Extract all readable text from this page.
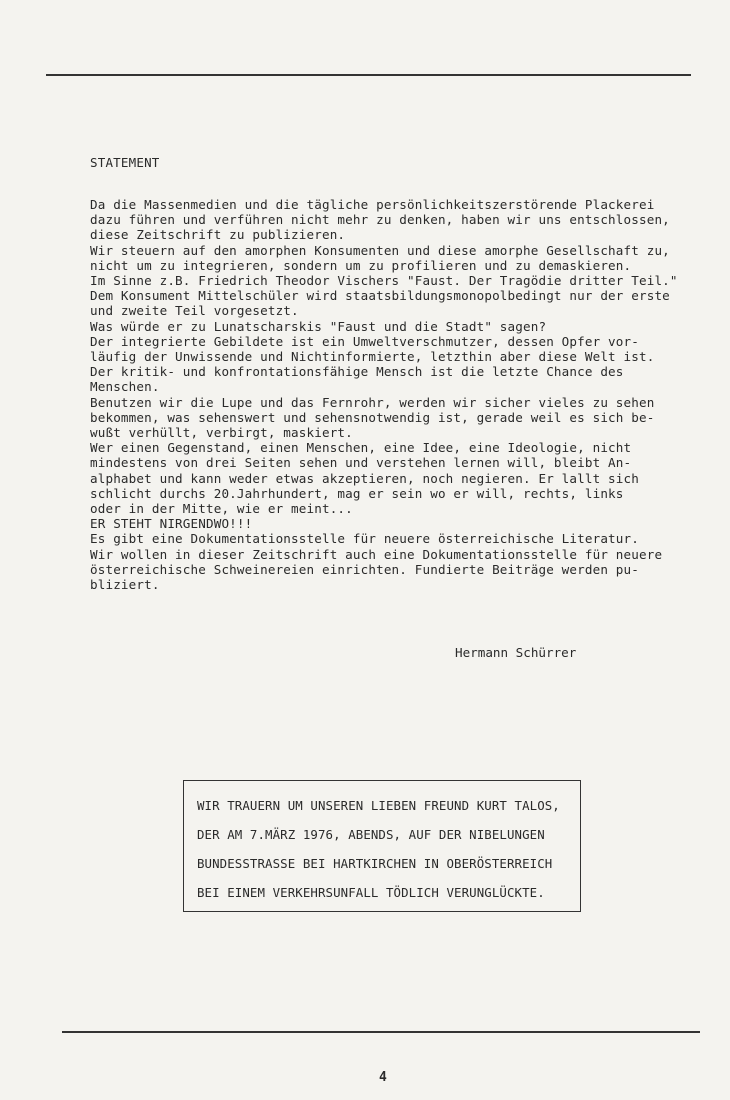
STATEMENT
Da die Massenmedien und die tägliche persönlichkeitszerstörende Plackerei
dazu führen und verführen nicht mehr zu denken, haben wir uns entschlossen,
diese Zeitschrift zu publizieren.
Wir steuern auf den amorphen Konsumenten und diese amorphe Gesellschaft zu,
nicht um zu integrieren, sondern um zu profilieren und zu demaskieren.
Im Sinne z.B. Friedrich Theodor Vischers "Faust. Der Tragödie dritter Teil."
Dem Konsument Mittelschüler wird staatsbildungsmonopolbedingt nur der erste
und zweite Teil vorgesetzt.
Was würde er zu Lunatscharskis "Faust und die Stadt" sagen?
Der integrierte Gebildete ist ein Umweltverschmutzer, dessen Opfer vor-
läufig der Unwissende und Nichtinformierte, letzthin aber diese Welt ist.
Der kritik- und konfrontationsfähige Mensch ist die letzte Chance des
Menschen.
Benutzen wir die Lupe und das Fernrohr, werden wir sicher vieles zu sehen
bekommen, was sehenswert und sehensnotwendig ist, gerade weil es sich be-
wußt verhüllt, verbirgt, maskiert.
Wer einen Gegenstand, einen Menschen, eine Idee, eine Ideologie, nicht
mindestens von drei Seiten sehen und verstehen lernen will, bleibt An-
alphabet und kann weder etwas akzeptieren, noch negieren. Er lallt sich
schlicht durchs 20.Jahrhundert, mag er sein wo er will, rechts, links
oder in der Mitte, wie er meint...
ER STEHT NIRGENDWO!!!
Es gibt eine Dokumentationsstelle für neuere österreichische Literatur.
Wir wollen in dieser Zeitschrift auch eine Dokumentationsstelle für neuere
österreichische Schweinereien einrichten. Fundierte Beiträge werden pu-
bliziert.
Hermann Schürrer
WIR TRAUERN UM UNSEREN LIEBEN FREUND KURT TALOS,
DER AM 7.MÄRZ 1976, ABENDS, AUF DER NIBELUNGEN
BUNDESSTRASSE BEI HARTKIRCHEN IN OBERÖSTERREICH
BEI EINEM VERKEHRSUNFALL TÖDLICH VERUNGLÜCKTE.
4
